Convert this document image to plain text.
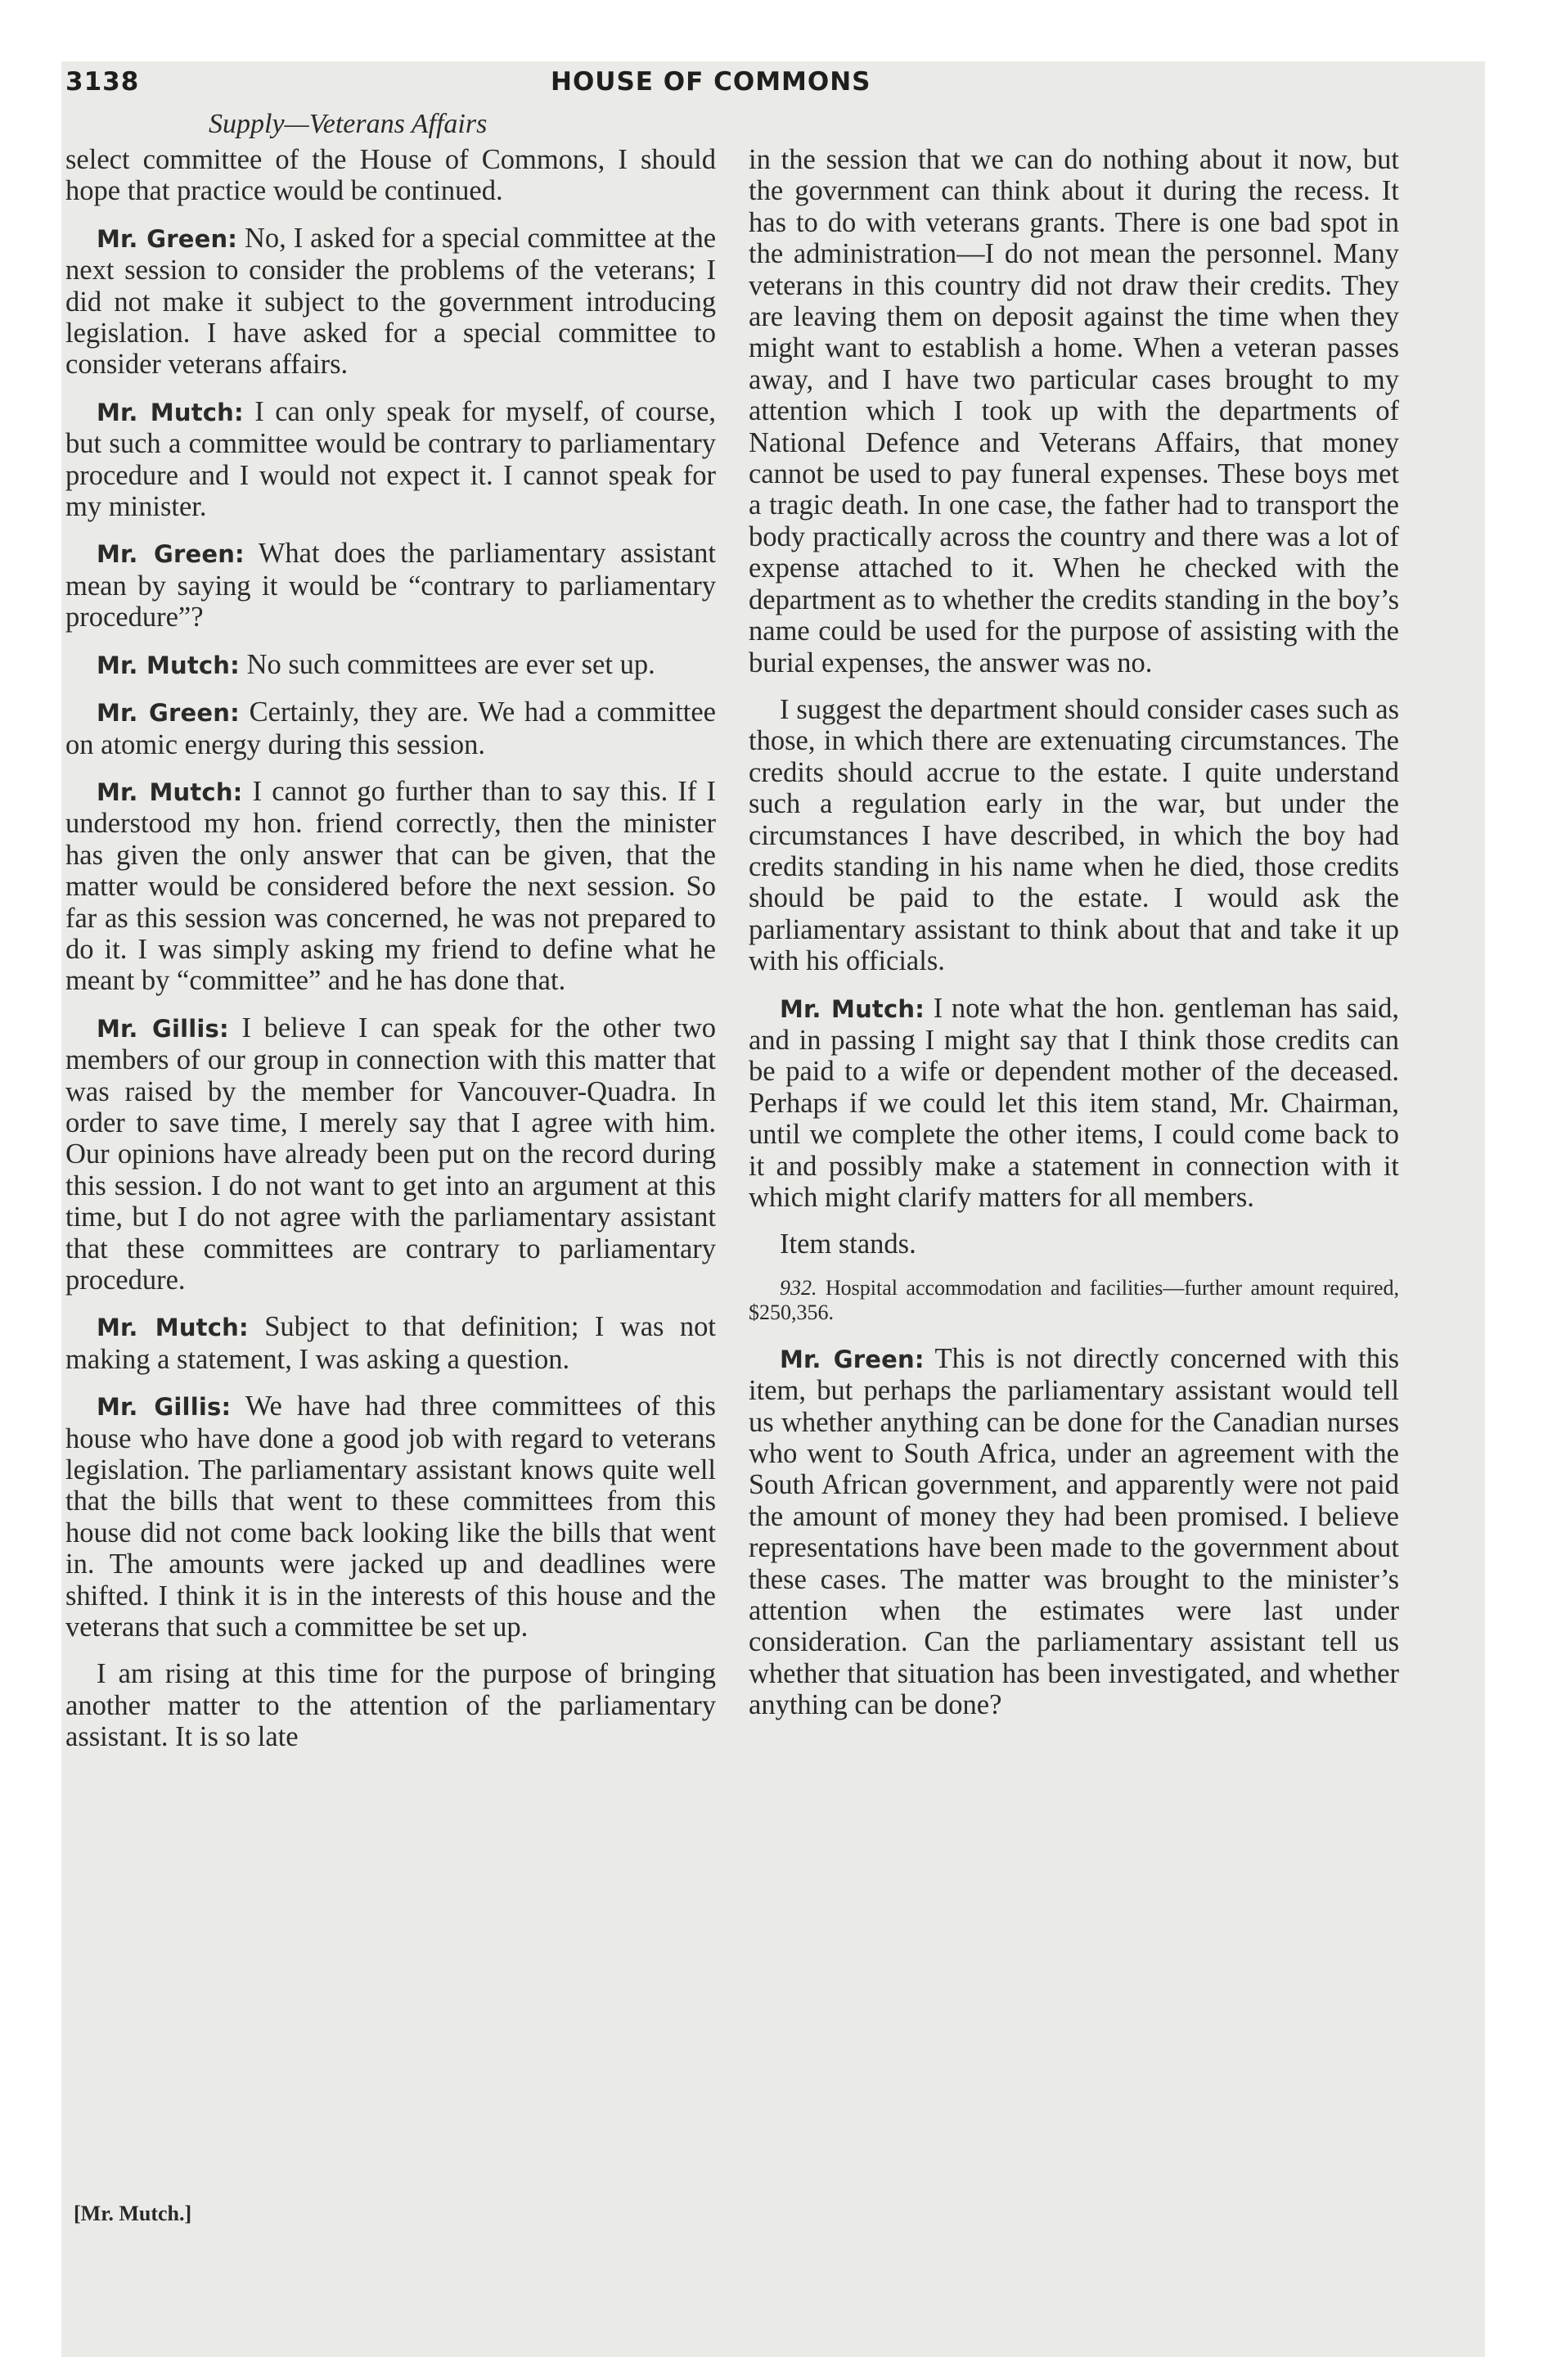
3138	HOUSE OF COMMONS
Supply—Veterans Affairs

select committee of the House of Commons, I should hope that practice would be continued.

Mr. Green: No, I asked for a special committee at the next session to consider the problems of the veterans; I did not make it subject to the government introducing legislation. I have asked for a special committee to consider veterans affairs.

Mr. Mutch: I can only speak for myself, of course, but such a committee would be contrary to parliamentary procedure and I would not expect it. I cannot speak for my minister.

Mr. Green: What does the parliamentary assistant mean by saying it would be “contrary to parliamentary procedure”?

Mr. Mutch: No such committees are ever set up.

Mr. Green: Certainly, they are. We had a committee on atomic energy during this session.

Mr. Mutch: I cannot go further than to say this. If I understood my hon. friend correctly, then the minister has given the only answer that can be given, that the matter would be considered before the next session. So far as this session was concerned, he was not prepared to do it. I was simply asking my friend to define what he meant by “committee” and he has done that.

Mr. Gillis: I believe I can speak for the other two members of our group in connection with this matter that was raised by the member for Vancouver-Quadra. In order to save time, I merely say that I agree with him. Our opinions have already been put on the record during this session. I do not want to get into an argument at this time, but I do not agree with the parliamentary assistant that these committees are contrary to parliamentary procedure.

Mr. Mutch: Subject to that definition; I was not making a statement, I was asking a question.

Mr. Gillis: We have had three committees of this house who have done a good job with regard to veterans legislation. The parliamentary assistant knows quite well that the bills that went to these committees from this house did not come back looking like the bills that went in. The amounts were jacked up and deadlines were shifted. I think it is in the interests of this house and the veterans that such a committee be set up.

I am rising at this time for the purpose of bringing another matter to the attention of the parliamentary assistant. It is so late

in the session that we can do nothing about it now, but the government can think about it during the recess. It has to do with veterans grants. There is one bad spot in the administration—I do not mean the personnel. Many veterans in this country did not draw their credits. They are leaving them on deposit against the time when they might want to establish a home. When a veteran passes away, and I have two particular cases brought to my attention which I took up with the departments of National Defence and Veterans Affairs, that money cannot be used to pay funeral expenses. These boys met a tragic death. In one case, the father had to transport the body practically across the country and there was a lot of expense attached to it. When he checked with the department as to whether the credits standing in the boy’s name could be used for the purpose of assisting with the burial expenses, the answer was no.

I suggest the department should consider cases such as those, in which there are extenuating circumstances. The credits should accrue to the estate. I quite understand such a regulation early in the war, but under the circumstances I have described, in which the boy had credits standing in his name when he died, those credits should be paid to the estate. I would ask the parliamentary assistant to think about that and take it up with his officials.

Mr. Mutch: I note what the hon. gentleman has said, and in passing I might say that I think those credits can be paid to a wife or dependent mother of the deceased. Perhaps if we could let this item stand, Mr. Chairman, until we complete the other items, I could come back to it and possibly make a statement in connection with it which might clarify matters for all members.

Item stands.

932. Hospital accommodation and facilities—further amount required, $250,356.

Mr. Green: This is not directly concerned with this item, but perhaps the parliamentary assistant would tell us whether anything can be done for the Canadian nurses who went to South Africa, under an agreement with the South African government, and apparently were not paid the amount of money they had been promised. I believe representations have been made to the government about these cases. The matter was brought to the minister’s attention when the estimates were last under consideration. Can the parliamentary assistant tell us whether that situation has been investigated, and whether anything can be done?

[Mr. Mutch.]
